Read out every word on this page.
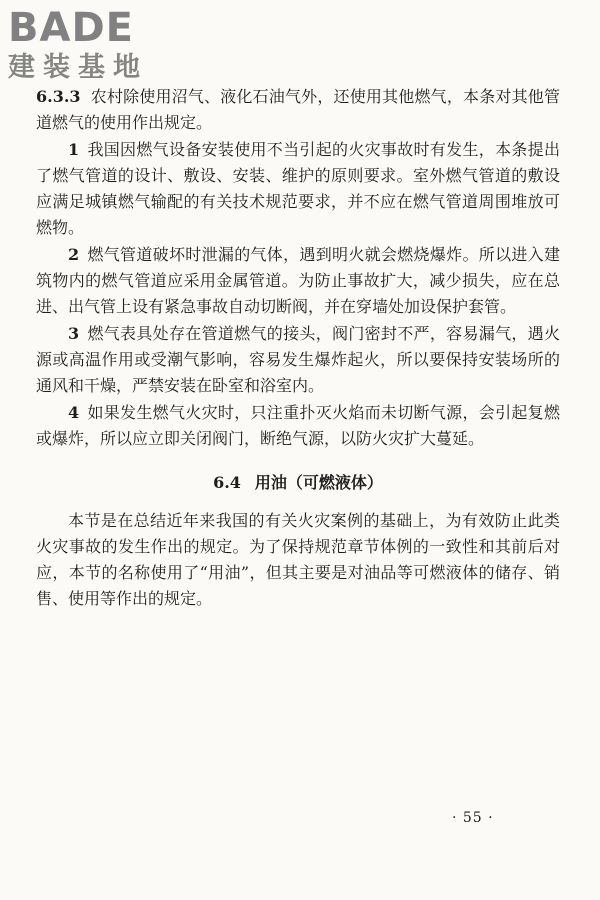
BADE
建装基地

6.3.3 农村除使用沼气、液化石油气外，还使用其他燃气，本条对其他管道燃气的使用作出规定。

1 我国因燃气设备安装使用不当引起的火灾事故时有发生，本条提出了燃气管道的设计、敷设、安装、维护的原则要求。室外燃气管道的敷设应满足城镇燃气输配的有关技术规范要求，并不应在燃气管道周围堆放可燃物。

2 燃气管道破坏时泄漏的气体，遇到明火就会燃烧爆炸。所以进入建筑物内的燃气管道应采用金属管道。为防止事故扩大，减少损失，应在总进、出气管上设有紧急事故自动切断阀，并在穿墙处加设保护套管。

3 燃气表具处存在管道燃气的接头，阀门密封不严，容易漏气，遇火源或高温作用或受潮气影响，容易发生爆炸起火，所以要保持安装场所的通风和干燥，严禁安装在卧室和浴室内。

4 如果发生燃气火灾时，只注重扑灭火焰而未切断气源，会引起复燃或爆炸，所以应立即关闭阀门，断绝气源，以防火灾扩大蔓延。

6.4 用油（可燃液体）

本节是在总结近年来我国的有关火灾案例的基础上，为有效防止此类火灾事故的发生作出的规定。为了保持规范章节体例的一致性和其前后对应，本节的名称使用了“用油”，但其主要是对油品等可燃液体的储存、销售、使用等作出的规定。

· 55 ·
